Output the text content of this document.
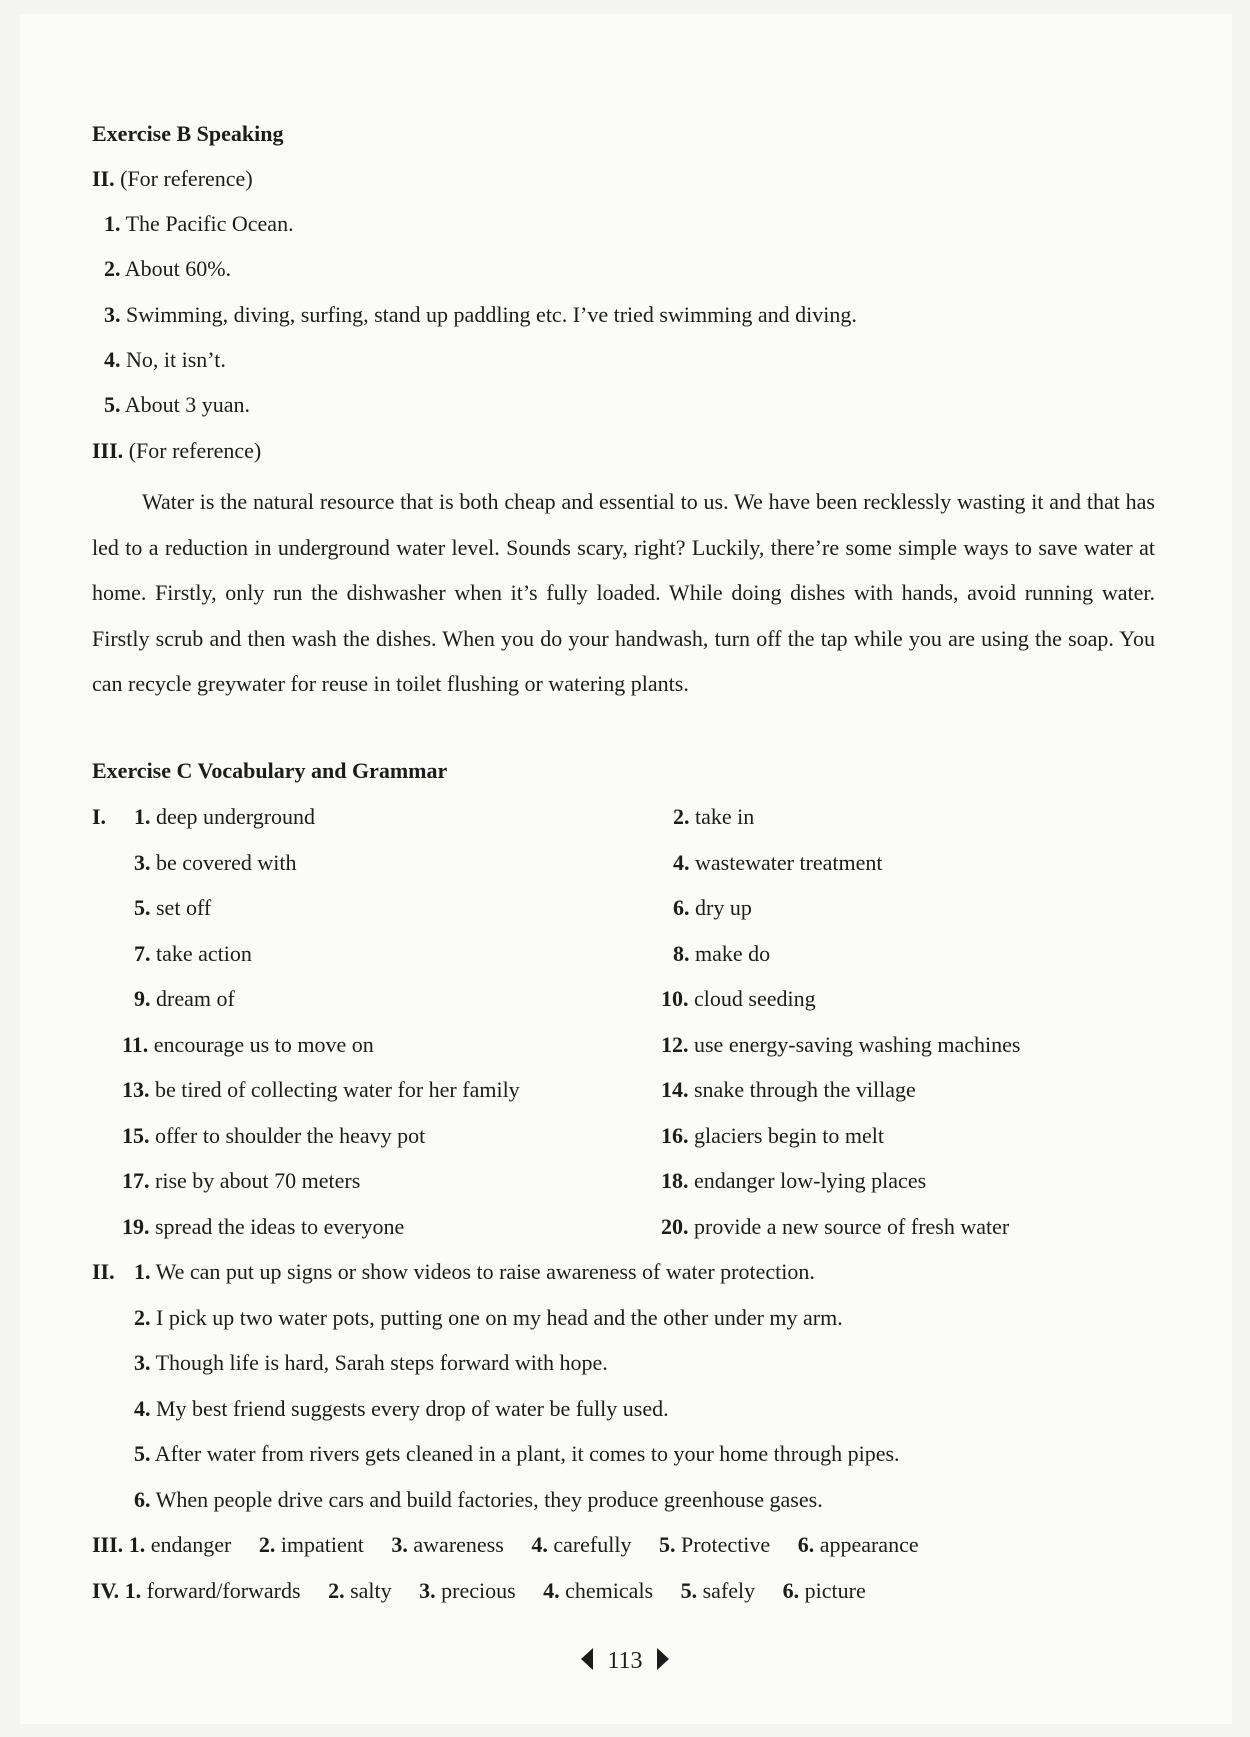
Exercise B Speaking
II. (For reference)
1. The Pacific Ocean.
2. About 60%.
3. Swimming, diving, surfing, stand up paddling etc. I’ve tried swimming and diving.
4. No, it isn’t.
5. About 3 yuan.
III. (For reference)
Water is the natural resource that is both cheap and essential to us. We have been recklessly wasting it and that has led to a reduction in underground water level. Sounds scary, right? Luckily, there’re some simple ways to save water at home. Firstly, only run the dishwasher when it’s fully loaded. While doing dishes with hands, avoid running water. Firstly scrub and then wash the dishes. When you do your handwash, turn off the tap while you are using the soap. You can recycle greywater for reuse in toilet flushing or watering plants.
Exercise C Vocabulary and Grammar
I. 1. deep underground	2. take in
3. be covered with	4. wastewater treatment
5. set off	6. dry up
7. take action	8. make do
9. dream of	10. cloud seeding
11. encourage us to move on	12. use energy-saving washing machines
13. be tired of collecting water for her family	14. snake through the village
15. offer to shoulder the heavy pot	16. glaciers begin to melt
17. rise by about 70 meters	18. endanger low-lying places
19. spread the ideas to everyone	20. provide a new source of fresh water
II. 1. We can put up signs or show videos to raise awareness of water protection.
2. I pick up two water pots, putting one on my head and the other under my arm.
3. Though life is hard, Sarah steps forward with hope.
4. My best friend suggests every drop of water be fully used.
5. After water from rivers gets cleaned in a plant, it comes to your home through pipes.
6. When people drive cars and build factories, they produce greenhouse gases.
III. 1. endanger 2. impatient 3. awareness 4. carefully 5. Protective 6. appearance
IV. 1. forward/forwards 2. salty 3. precious 4. chemicals 5. safely 6. picture
113
